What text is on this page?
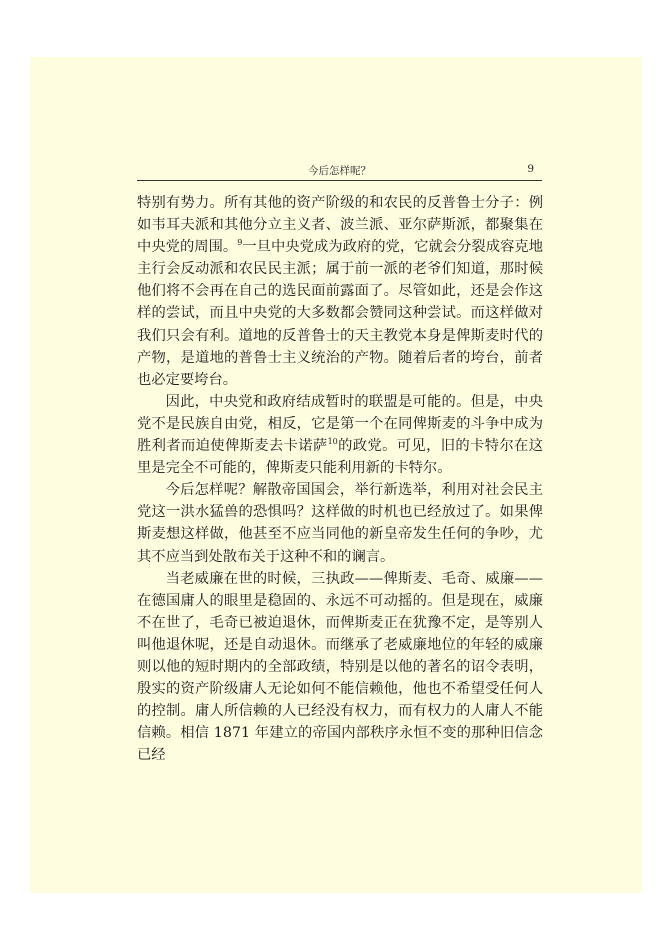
今后怎样呢？	9

特别有势力。所有其他的资产阶级的和农民的反普鲁士分子：例如韦耳夫派和其他分立主义者、波兰派、亚尔萨斯派，都聚集在中央党的周围。$^9$一旦中央党成为政府的党，它就会分裂成容克地主行会反动派和农民民主派；属于前一派的老爷们知道，那时候他们将不会再在自己的选民面前露面了。尽管如此，还是会作这样的尝试，而且中央党的大多数都会赞同这种尝试。而这样做对我们只会有利。道地的反普鲁士的天主教党本身是俾斯麦时代的产物，是道地的普鲁士主义统治的产物。随着后者的垮台，前者也必定要垮台。

因此，中央党和政府结成暂时的联盟是可能的。但是，中央党不是民族自由党，相反，它是第一个在同俾斯麦的斗争中成为胜利者而迫使俾斯麦去卡诺萨$^{10}$的政党。可见，旧的卡特尔在这里是完全不可能的，俾斯麦只能利用新的卡特尔。

今后怎样呢？解散帝国国会，举行新选举，利用对社会民主党这一洪水猛兽的恐惧吗？这样做的时机也已经放过了。如果俾斯麦想这样做，他甚至不应当同他的新皇帝发生任何的争吵，尤其不应当到处散布关于这种不和的谰言。

当老威廉在世的时候，三执政——俾斯麦、毛奇、威廉——在德国庸人的眼里是稳固的、永远不可动摇的。但是现在，威廉不在世了，毛奇已被迫退休，而俾斯麦正在犹豫不定，是等别人叫他退休呢，还是自动退休。而继承了老威廉地位的年轻的威廉则以他的短时期内的全部政绩，特别是以他的著名的诏令表明，殷实的资产阶级庸人无论如何不能信赖他，他也不希望受任何人的控制。庸人所信赖的人已经没有权力，而有权力的人庸人不能信赖。相信 1871 年建立的帝国内部秩序永恒不变的那种旧信念已经
